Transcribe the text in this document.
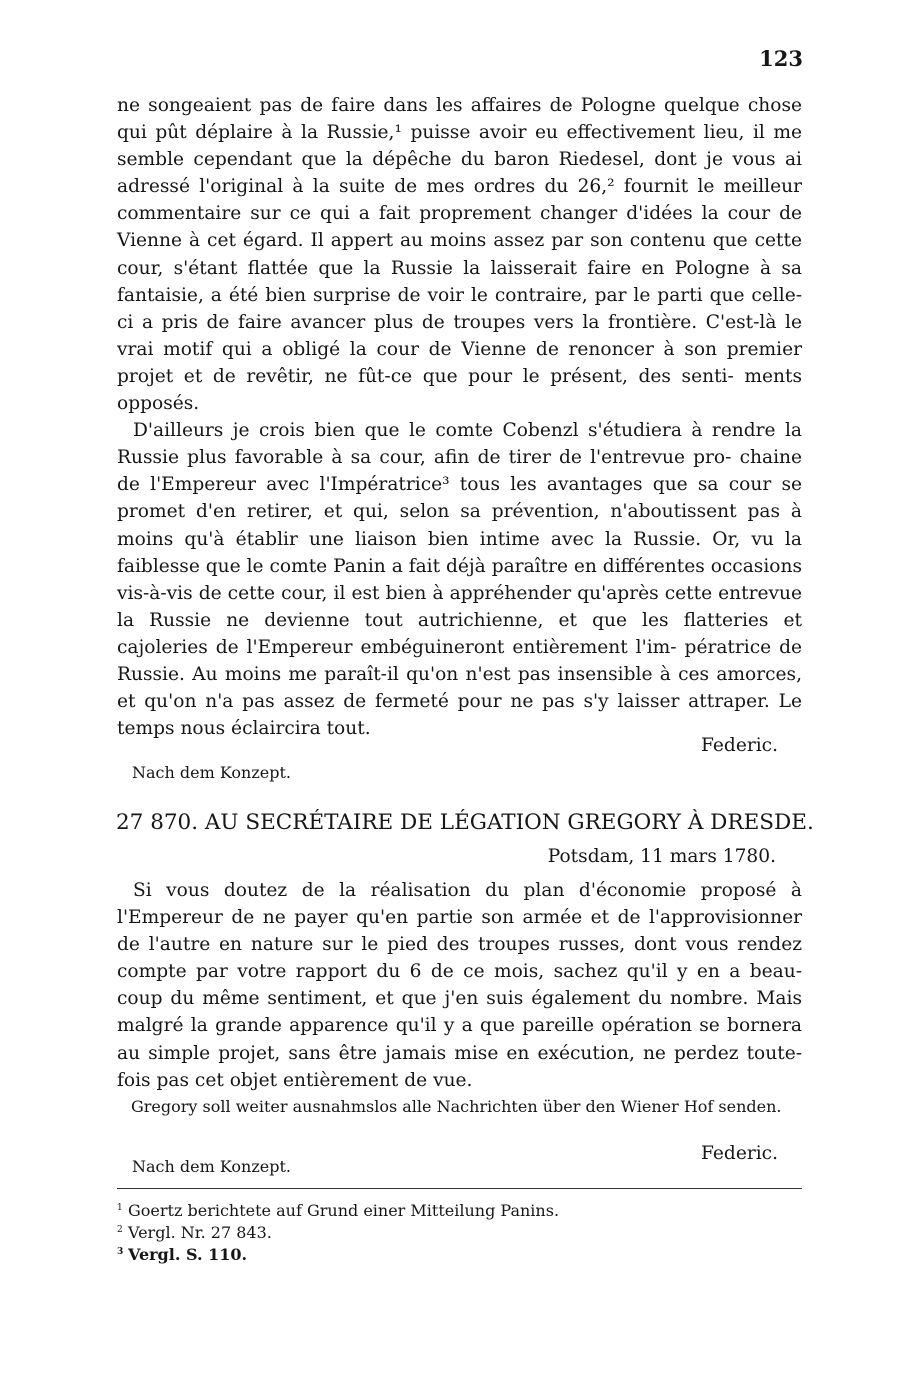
123

ne songeaient pas de faire dans les affaires de Pologne quelque chose qui pût déplaire à la Russie,¹ puisse avoir eu effectivement lieu, il me semble cependant que la dépêche du baron Riedesel, dont je vous ai adressé l'original à la suite de mes ordres du 26,² fournit le meilleur commentaire sur ce qui a fait proprement changer d'idées la cour de Vienne à cet égard. Il appert au moins assez par son contenu que cette cour, s'étant flattée que la Russie la laisserait faire en Pologne à sa fantaisie, a été bien surprise de voir le contraire, par le parti que celle-ci a pris de faire avancer plus de troupes vers la frontière. C'est-là le vrai motif qui a obligé la cour de Vienne de renoncer à son premier projet et de revêtir, ne fût-ce que pour le présent, des senti- ments opposés.

D'ailleurs je crois bien que le comte Cobenzl s'étudiera à rendre la Russie plus favorable à sa cour, afin de tirer de l'entrevue pro- chaine de l'Empereur avec l'Impératrice³ tous les avantages que sa cour se promet d'en retirer, et qui, selon sa prévention, n'aboutissent pas à moins qu'à établir une liaison bien intime avec la Russie. Or, vu la faiblesse que le comte Panin a fait déjà paraître en différentes occasions vis-à-vis de cette cour, il est bien à appréhender qu'après cette entrevue la Russie ne devienne tout autrichienne, et que les flatteries et cajoleries de l'Empereur embéguineront entièrement l'im- pératrice de Russie. Au moins me paraît-il qu'on n'est pas insensible à ces amorces, et qu'on n'a pas assez de fermeté pour ne pas s'y laisser attraper. Le temps nous éclaircira tout.

Federic.
Nach dem Konzept.
27 870. AU SECRÉTAIRE DE LÉGATION GREGORY À DRESDE.
Potsdam, 11 mars 1780.

Si vous doutez de la réalisation du plan d'économie proposé à l'Empereur de ne payer qu'en partie son armée et de l'approvisionner de l'autre en nature sur le pied des troupes russes, dont vous rendez compte par votre rapport du 6 de ce mois, sachez qu'il y en a beau- coup du même sentiment, et que j'en suis également du nombre. Mais malgré la grande apparence qu'il y a que pareille opération se bornera au simple projet, sans être jamais mise en exécution, ne perdez toute- fois pas cet objet entièrement de vue.

Gregory soll weiter ausnahmslos alle Nachrichten über den Wiener Hof senden.

Federic.
Nach dem Konzept.
1 Goertz berichtete auf Grund einer Mitteilung Panins.
2 Vergl. Nr. 27 843.
3 Vergl. S. 110.
